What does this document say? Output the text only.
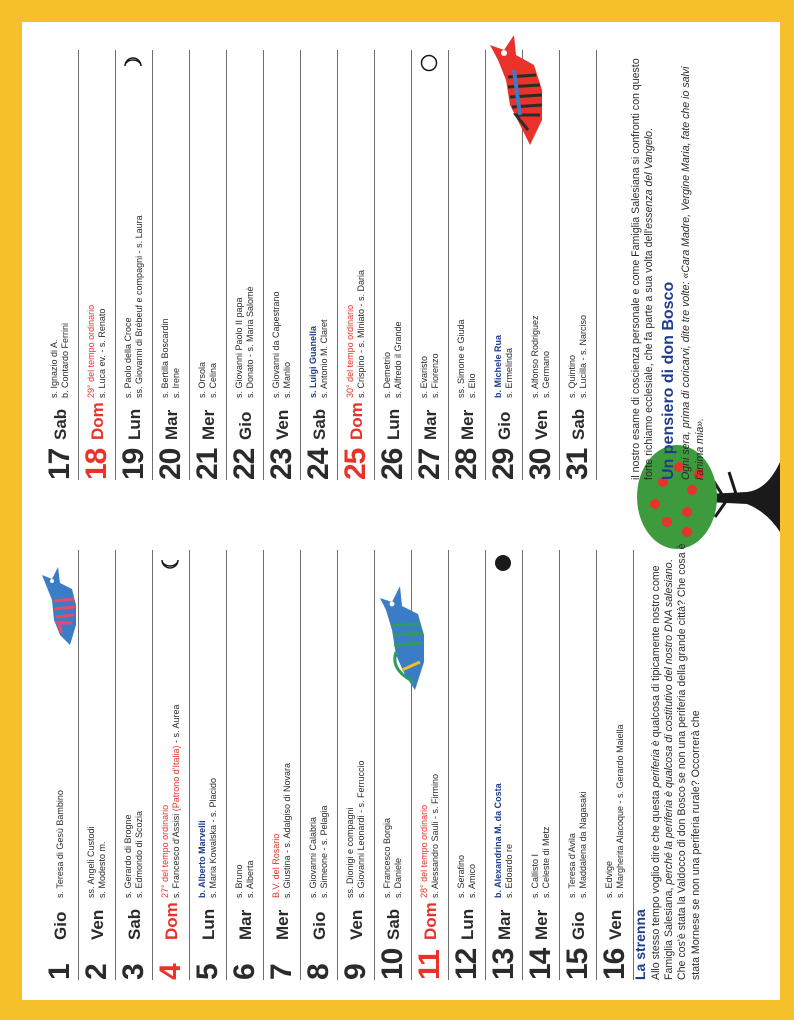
1
Gio
s. Teresa di Gesù Bambino
2
Ven
ss. Angeli Custodi s. Modesto m.
3
Sab
s. Gerardo di Brogne s. Edmondo di Scozia
4
Dom
27° del tempo ordinario s. Francesco d'Assisi (Patrono d'Italia) - s. Aurea
5
Lun
b. Alberto Marvelli s. Maria Kowalska - s. Placido
6
Mar
s. Bruno s. Alberta
7
Mer
B.V. del Rosario s. Giustina - s. Adalgiso di Novara
8
Gio
s. Giovanni Calabria s. Simeone - s. Pelagia
9
Ven
ss. Dionigi e compagni s. Giovanni Leonardi - s. Ferruccio
10
Sab
s. Francesco Borgia s. Daniele
11
Dom
28° del tempo ordinario s. Alessandro Sauli - s. Firmino
12
Lun
s. Serafino s. Amico
13
Mar
b. Alexandrina M. da Costa s. Edoardo re
14
Mer
s. Callisto I s. Celeste di Metz
15
Gio
s. Teresa d'Avila s. Maddalena da Nagasaki
16
Ven
s. Edvige s. Margherita Alacoque - s. Gerardo Maiella
17
Sab
s. Ignazio di A. b. Contardo Ferrini
18
Dom
29° del tempo ordinario s. Luca ev. - s. Renato
19
Lun
s. Paolo della Croce ss. Giovanni di Brébeuf e compagni - s. Laura
20
Mar
s. Bertilla Boscardin s. Irene
21
Mer
s. Orsola s. Celina
22
Gio
s. Giovanni Paolo II papa s. Donato - s. Maria Salomè
23
Ven
s. Giovanni da Capestrano s. Manlio
24
Sab
s. Luigi Guanella s. Antonio M. Claret
25
Dom
30° del tempo ordinario s. Crispino - s. Miniato - s. Daria
26
Lun
s. Demetrio s. Alfredo il Grande
27
Mar
s. Evaristo s. Fiorenzo
28
Mer
ss. Simone e Giuda s. Elio
29
Gio
b. Michele Rua s. Ermelinda
30
Ven
s. Alfonso Rodriguez s. Germano
31
Sab
s. Quintino s. Lucilla - s. Narciso
La strenna Allo stesso tempo voglio dire che questa periferia è qualcosa di tipicamente nostro come Famiglia Salesiana, perché la periferia è qualcosa di costitutivo del nostro DNA salesiano. Che cos'è stata la Valdocco di don Bosco se non una periferia della grande città? Che cosa è stata Mornese se non una periferia rurale? Occorrerà che

il nostro esame di coscienza personale e come Famiglia Salesiana si confronti con questo forte richiamo ecclesiale, che fa parte a sua volta dell'essenza del Vangelo.

Un pensiero di don Bosco Ogni sera, prima di coricarvi, dite tre volte: «Cara Madre, Vergine Maria, fate che io salvi l'anima mia».
